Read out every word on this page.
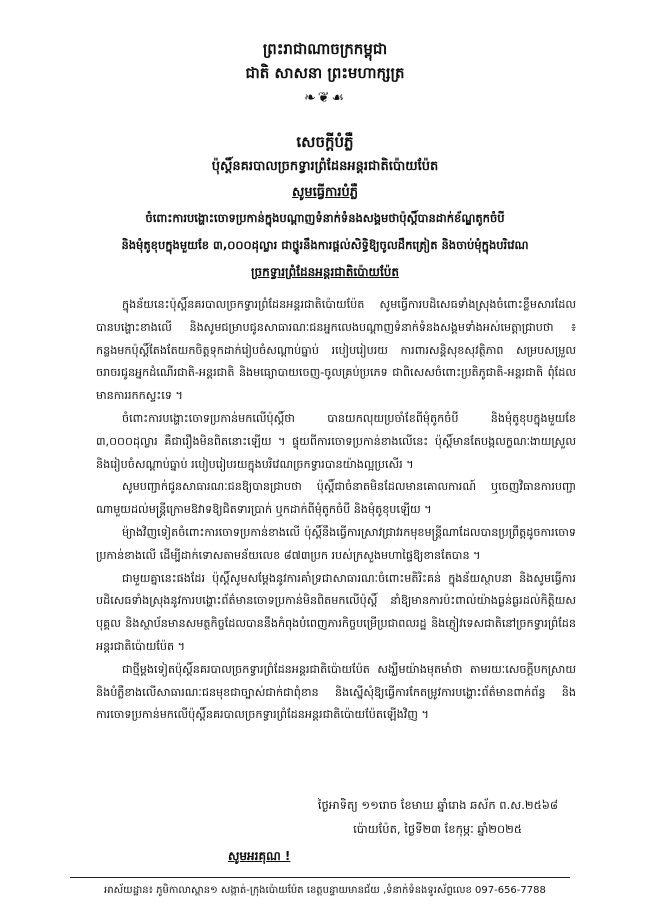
ព្រះរាជាណាចក្រកម្ពុជា
ជាតិ សាសនា ព្រះមហាក្សត្រ
❧❦☙
សេចក្ដីបំភ្លឺ
ប៉ុស្ដិ៍នគរបាលច្រកទ្វារព្រំដែនអន្តរជាតិប៉ោយប៉ែត
សូមធ្វើការបំភ្លឺ
ចំពោះការបង្ហោះចោទប្រកាន់ក្នុងបណ្តាញទំនាក់ទំនងសង្គមថាប៉ុស្ដិ៍បានដាក់ខ័ណ្ឌតូកចំបី
និងមុំតូខុបក្នុងមួយខែ ៣,០០០ដុល្លារ ជាថ្នូរនឹងការផ្តល់សិទ្ធិឱ្យចូលដឹកត្រៀត និងចាប់មុំក្នុងបរិវេណ
ច្រកទ្វារព្រំដែនអន្តរជាតិប៉ោយប៉ែត

ក្នុងន័យនេះប៉ុស្ដិ៍នគរបាលច្រកទ្វារព្រំដែនអន្តរជាតិប៉ោយប៉ែត សូមធ្វើការបដិសេធទាំងស្រុងចំពោះខ្លឹមសារដែលបានបង្ហោះខាងលើ និងសូមជម្រាបជូនសាធារណៈជនអ្នកលេងបណ្តាញទំនាក់ទំនងសង្គមទាំងអស់មេត្តាជ្រាបថា ៖ កន្លងមកប៉ុស្ដិ៍តែងតែយកចិត្តទុកដាក់រៀបចំសណ្តាប់ធ្នាប់ របៀបរៀបរយ ការពារសន្តិសុខសុវត្ថិភាព សម្របសម្រួលចរាចរជូនអ្នកដំណើរជាតិ-អន្តរជាតិ និងមធ្យោបាយចេញ-ចូលគ្រប់ប្រភេទ ជាពិសេសចំពោះប្រតិភូជាតិ-អន្តរជាតិ ពុំដែលមានការរកកស្ទះទេ ។

ចំពោះការបង្ហោះចោទប្រកាន់មកលើប៉ុស្ដិ៍ថា បានយកលុយប្រចាំខែពីមុំតូកចំបី និងមុំតូខុបក្នុងមួយខែ ៣,០០០ដុល្លារ គឺជារឿងមិនពិតនោះឡើយ ។ ផ្ទុយពីការចោទប្រកាន់ខាងលើនេះ ប៉ុស្ដិ៍មានតែបង្កលក្ខណៈងាយស្រួល និងរៀបចំសណ្តាប់ធ្នាប់ របៀបរៀបរយក្នុងបរិវេណច្រកទ្វារបានយ៉ាងល្អប្រសើរ ។

សូមបញ្ជាក់ជូនសាធារណៈជនឱ្យបានជ្រាបថា ប៉ុស្ដិ៍ជាចំនាតមិនដែលមានគោលការណ៍ ឬចេញវិធានការបញ្ជាណាមួយដល់មន្ត្រីក្រោមឱវាទឱ្យជិតទារប្រាក់ ឬកដាក់ពីមុំតូកចំបី និងមុំតូខុបឡើយ ។

ម៉្យាងវិញទៀតចំពោះការចោទប្រកាន់ខាងលើ ប៉ុស្ដិ៍នឹងធ្វើការស្រាវជ្រាវរកមុខមន្ត្រីណាដែលបានប្រព្រឹត្តដូចការចោទប្រកាន់ខាងលើ ដើម្បីដាក់ទោសតាមន័យលេខ ៨៧៣ប្រក របស់ក្រសួងមហាផ្ទៃឱ្យខានតែបាន ។

ជាមួយគ្នានេះផងដែរ ប៉ុស្ដិ៍សូមសម្តែងនូវការគាំទ្រជាសាធារណៈចំពោះមតិរិះគន់ ក្នុងន័យស្ថាបនា និងសូមធ្វើការបដិសេធទាំងស្រុងនូវការបង្ហោះព័ត៌មានចោទប្រកាន់មិនពិតមកលើប៉ុស្ដិ៍ នាំឱ្យមានការប៉ះពាល់យ៉ាងធ្ងន់ធ្ងរដល់កិត្តិយសបុគ្គល និងស្ថាប័នមានសមត្ថកិច្ចដែលបាននឹងកំពុងបំពេញភារកិច្ចបម្រើប្រជាពលរដ្ឋ និងភ្ញៀវទេសជាតិនៅច្រកទ្វារព្រំដែនអន្តរជាតិប៉ោយប៉ែត ។

ជាថ្មីម្តងទៀតប៉ុស្ដិ៍នគរបាលច្រកទ្វារព្រំដែនអន្តរជាតិប៉ោយប៉ែត សង្ឃឹមយ៉ាងមុតមាំថា តាមរយៈសេចក្តីបកស្រាយ និងបំភ្លឺខាងលើសាធារណៈជនមុខជាច្បាស់ជាក់ជាពុំខាន និងស្នើសុំឱ្យធ្វើការកែតម្រូវការបង្ហោះព័ត៌មានពាក់ព័ន្ធ និងការចោទប្រកាន់មកលើប៉ុស្ដិ៍នគរបាលច្រកទ្វារព្រំដែនអន្តរជាតិប៉ោយប៉ែតឡើងវិញ ។

ថ្ងៃអាទិត្យ ១១រោច ខែមាឃ ឆ្នាំរោង ឆស័ក ព.ស.២៥៦៨
ប៉ោយប៉ែត, ថ្ងៃទី២៣ ខែកុម្ភៈ ឆ្នាំ២០២៥
សូមអរគុណ !
អាស័យដ្ឋាន៖ ភូមិកាលាស្ពាន១ សង្កាត់-ក្រុងប៉ោយប៉ែត ខេត្តបន្ទាយមានជ័យ ,ទំនាក់ទំនងទូរស័ព្ទលេខ 097-656-7788
